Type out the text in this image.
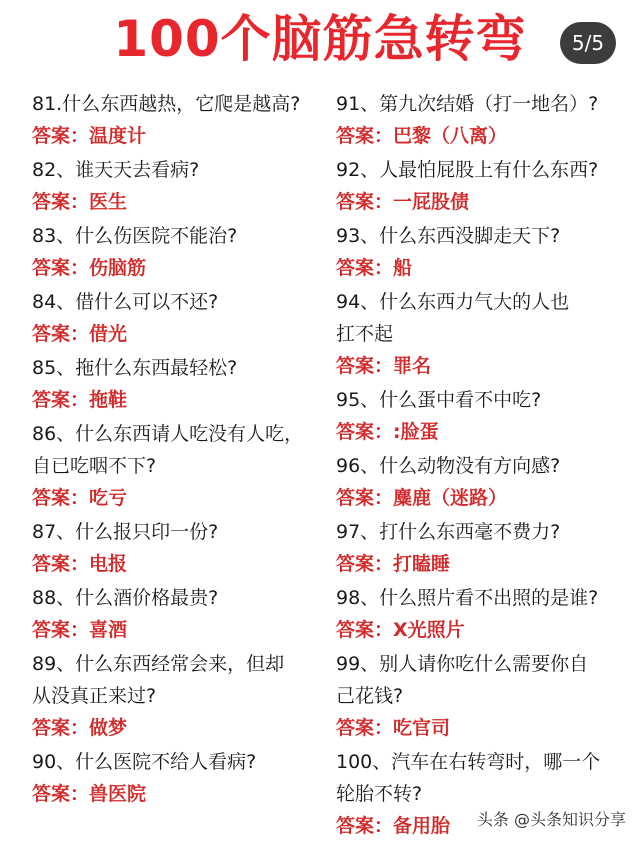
100个脑筋急转弯	5/5
81.什么东西越热，它爬是越高?
答案：温度计
82、谁天天去看病?
答案：医生
83、什么伤医院不能治?
答案：伤脑筋
84、借什么可以不还?
答案：借光
85、拖什么东西最轻松?
答案：拖鞋
86、什么东西请人吃没有人吃，
自已吃咽不下?
答案：吃亏
87、什么报只印一份?
答案：电报
88、什么酒价格最贵?
答案：喜酒
89、什么东西经常会来，但却
从没真正来过?
答案：做梦
90、什么医院不给人看病?
答案：兽医院
91、第九次结婚（打一地名）?
答案：巴黎（八离）
92、人最怕屁股上有什么东西?
答案：一屁股债
93、什么东西没脚走天下?
答案：船
94、什么东西力气大的人也
扛不起
答案：罪名
95、什么蛋中看不中吃?
答案：:脸蛋
96、什么动物没有方向感?
答案：麋鹿（迷路）
97、打什么东西毫不费力?
答案：打瞌睡
98、什么照片看不出照的是谁?
答案：X光照片
99、别人请你吃什么需要你自
己花钱?
答案：吃官司
100、汽车在右转弯时，哪一个
轮胎不转?
答案：备用胎	头条 @头条知识分享
